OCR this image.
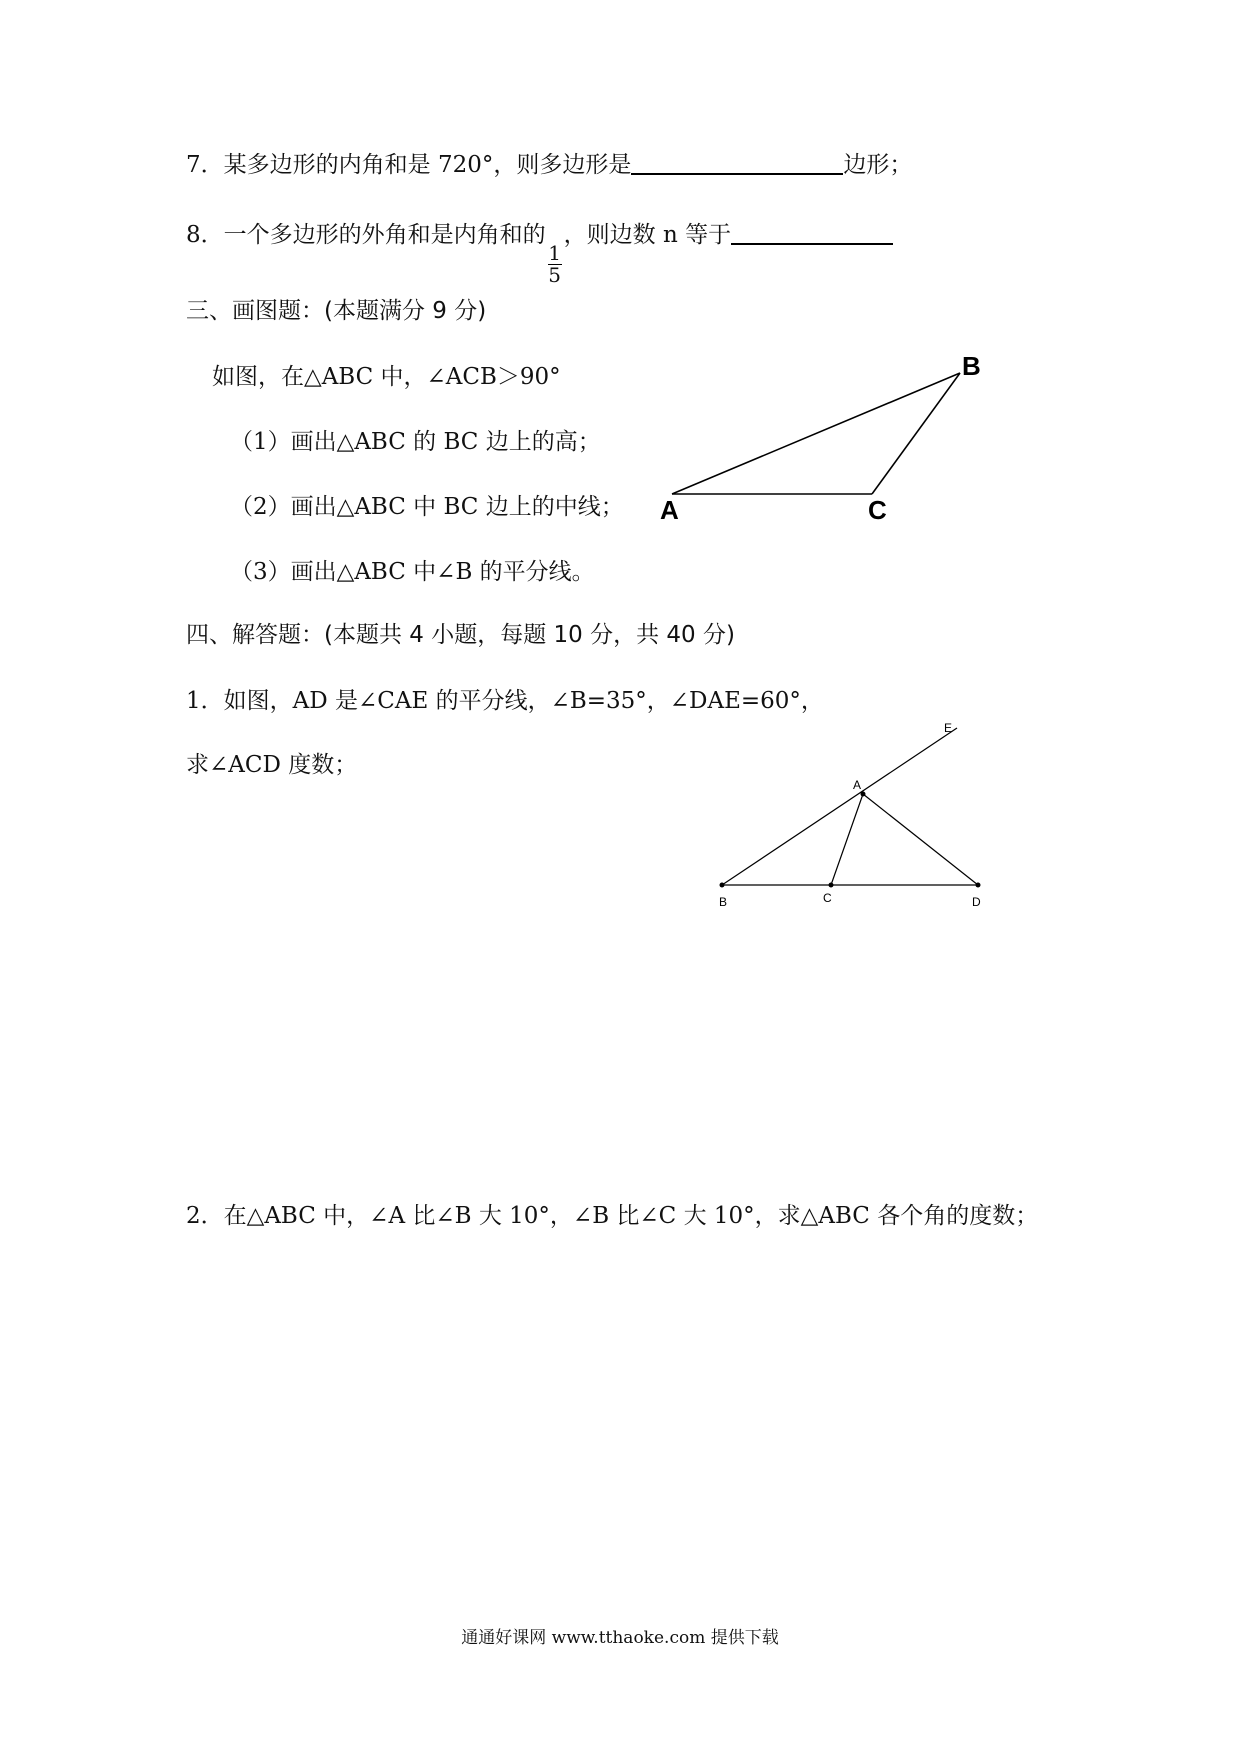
7．某多边形的内角和是 720°，则多边形是	边形；
8．一个多边形的外角和是内角和的
$\frac{1}{5}$
，则边数 n 等于
三、画图题：(本题满分 9 分)
如图，在△ABC 中，∠ACB＞90°
（1）画出△ABC 的 BC 边上的高；
（2）画出△ABC 中 BC 边上的中线；
（3）画出△ABC 中∠B 的平分线。
B
A	C
四、解答题：(本题共 4 小题，每题 10 分，共 40 分)
1．如图，AD 是∠CAE 的平分线，∠B=35°，∠DAE=60°，
求∠ACD 度数；
A
B	C	D
E
2．在△ABC 中，∠A 比∠B 大 10°，∠B 比∠C 大 10°，求△ABC 各个角的度数；
通通好课网 www.tthaoke.com 提供下载
